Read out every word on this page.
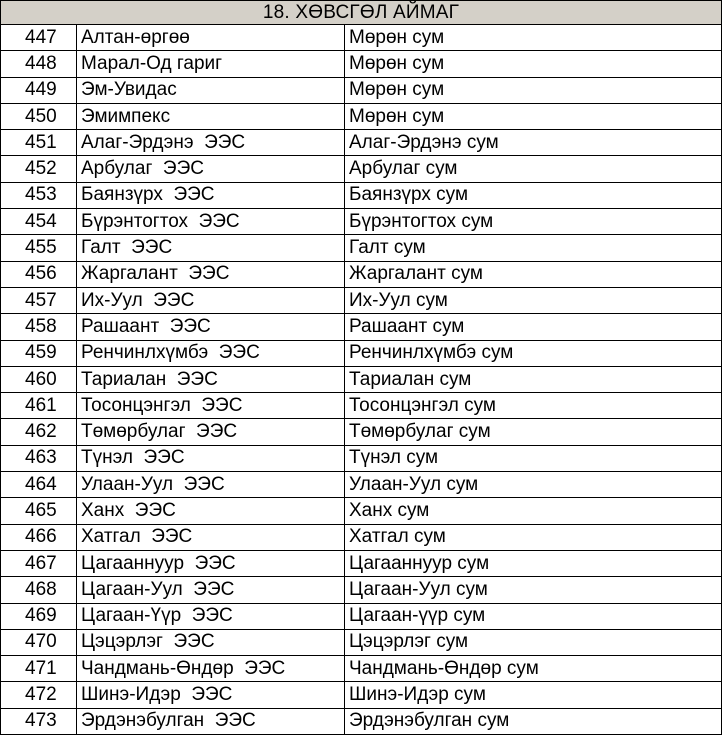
18. ХӨВСГӨЛ АЙМАГ		
447	Алтан-өргөө	Мөрөн сум
448	Марал-Од гариг	Мөрөн сум
449	Эм-Увидас	Мөрөн сум
450	Эмимпекс	Мөрөн сум
451	Алаг-Эрдэнэ  ЭЭС	Алаг-Эрдэнэ сум
452	Арбулаг  ЭЭС	Арбулаг сум
453	Баянзүрх  ЭЭС	Баянзүрх сум
454	Бүрэнтогтох  ЭЭС	Бүрэнтогтох сум
455	Галт  ЭЭС	Галт сум
456	Жаргалант  ЭЭС	Жаргалант сум
457	Их-Уул  ЭЭС	Их-Уул сум
458	Рашаант  ЭЭС	Рашаант сум
459	Ренчинлхүмбэ  ЭЭС	Ренчинлхүмбэ сум
460	Тариалан  ЭЭС	Тариалан сум
461	Тосонцэнгэл  ЭЭС	Тосонцэнгэл сум
462	Төмөрбулаг  ЭЭС	Төмөрбулаг сум
463	Түнэл  ЭЭС	Түнэл сум
464	Улаан-Уул  ЭЭС	Улаан-Уул сум
465	Ханх  ЭЭС	Ханх сум
466	Хатгал  ЭЭС	Хатгал сум
467	Цагааннуур  ЭЭС	Цагааннуур сум
468	Цагаан-Уул  ЭЭС	Цагаан-Уул сум
469	Цагаан-Үүр  ЭЭС	Цагаан-үүр сум
470	Цэцэрлэг  ЭЭС	Цэцэрлэг сум
471	Чандмань-Өндөр  ЭЭС	Чандмань-Өндөр сум
472	Шинэ-Идэр  ЭЭС	Шинэ-Идэр сум
473	Эрдэнэбулган  ЭЭС	Эрдэнэбулган сум
